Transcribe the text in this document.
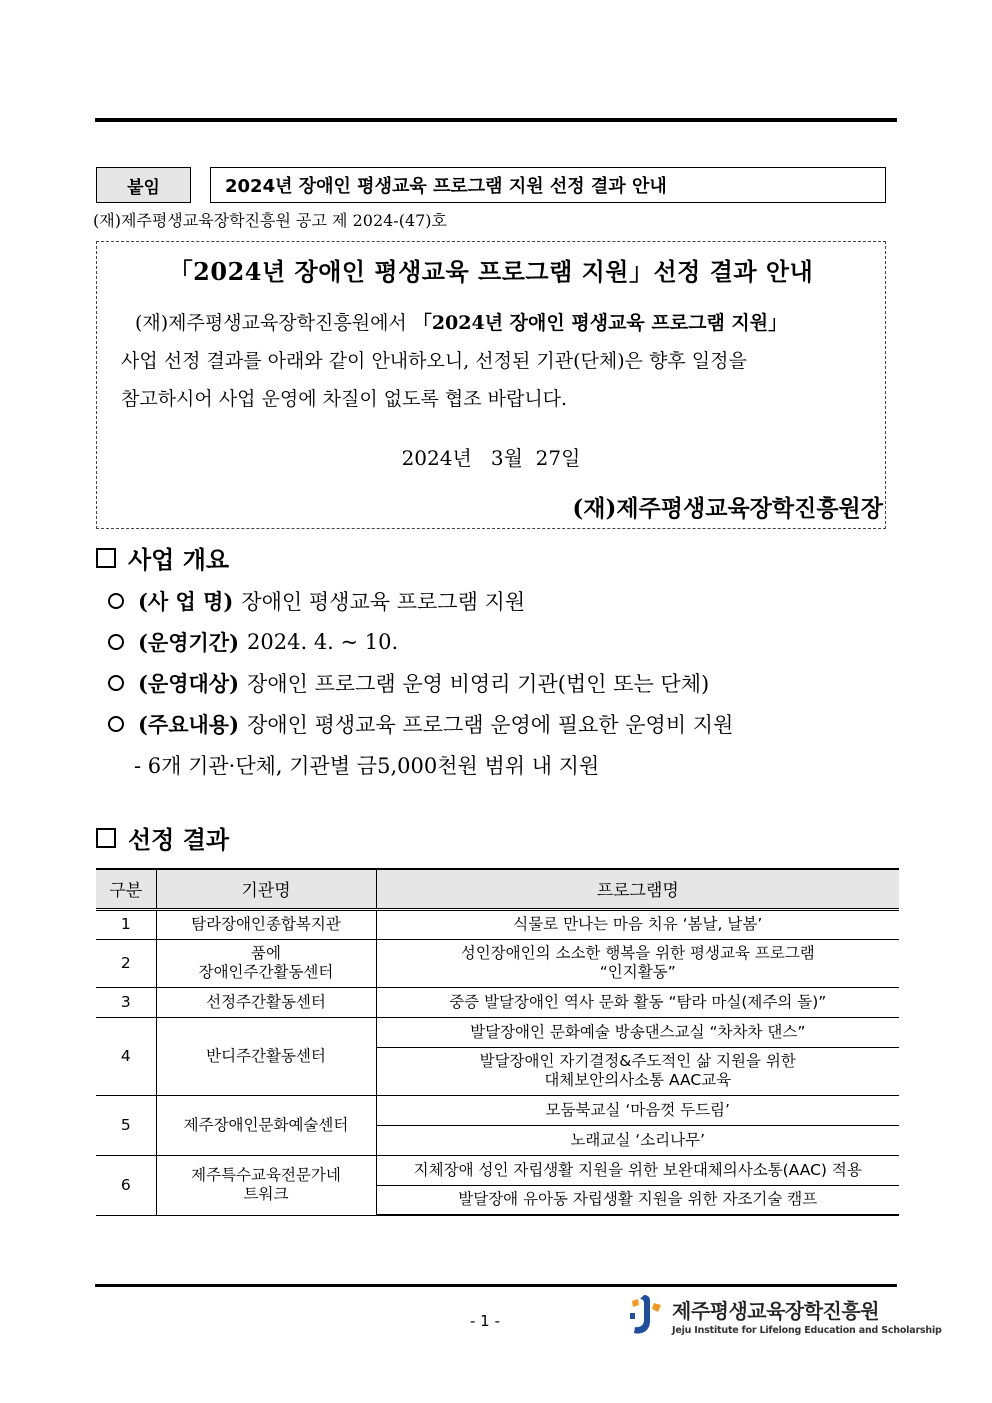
붙임	2024년 장애인 평생교육 프로그램 지원 선정 결과 안내
(재)제주평생교육장학진흥원 공고 제 2024-(47)호
「2024년 장애인 평생교육 프로그램 지원」선정 결과 안내
(재)제주평생교육장학진흥원에서 「2024년 장애인 평생교육 프로그램 지원」
사업 선정 결과를 아래와 같이 안내하오니, 선정된 기관(단체)은 향후 일정을
참고하시어 사업 운영에 차질이 없도록 협조 바랍니다.
2024년   3월  27일
(재)제주평생교육장학진흥원장
사업 개요
(사 업 명) 장애인 평생교육 프로그램 지원
(운영기간) 2024. 4. ~ 10.
(운영대상) 장애인 프로그램 운영 비영리 기관(법인 또는 단체)
(주요내용) 장애인 평생교육 프로그램 운영에 필요한 운영비 지원
- 6개 기관·단체, 기관별 금5,000천원 범위 내 지원
선정 결과
구분	기관명	프로그램명
1	탐라장애인종합복지관	식물로 만나는 마음 치유 ‘봄날, 날봄’
2	품에
장애인주간활동센터	성인장애인의 소소한 행복을 위한 평생교육 프로그램
“인지활동”
3	선정주간활동센터	중증 발달장애인 역사 문화 활동 “탐라 마실(제주의 돌)”
4	반디주간활동센터	발달장애인 문화예술 방송댄스교실 “차차차 댄스”
		발달장애인 자기결정&주도적인 삶 지원을 위한
대체보안의사소통 AAC교육
5	제주장애인문화예술센터	모둠북교실 ‘마음껏 두드림’
		노래교실 ‘소리나무’
6	제주특수교육전문가네
트워크	지체장애 성인 자립생활 지원을 위한 보완대체의사소통(AAC) 적용
		발달장애 유아동 자립생활 지원을 위한 자조기술 캠프
- 1 -	제주평생교육장학진흥원
Jeju Institute for Lifelong Education and Scholarship
